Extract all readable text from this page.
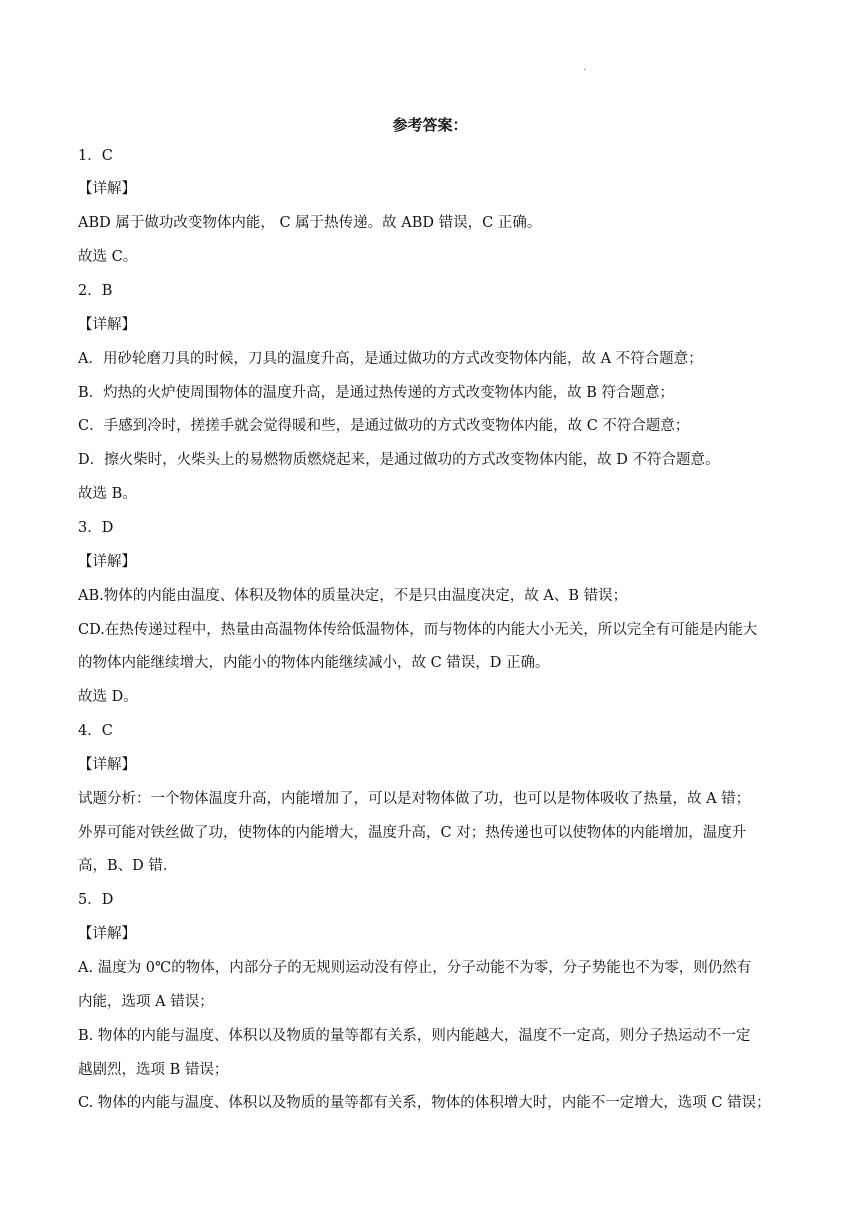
.
参考答案：
1．C
【详解】
ABD 属于做功改变物体内能， C 属于热传递。故 ABD 错误，C 正确。
故选 C。
2．B
【详解】
A．用砂轮磨刀具的时候，刀具的温度升高，是通过做功的方式改变物体内能，故 A 不符合题意；
B．灼热的火炉使周围物体的温度升高，是通过热传递的方式改变物体内能，故 B 符合题意；
C．手感到冷时，搓搓手就会觉得暖和些，是通过做功的方式改变物体内能，故 C 不符合题意；
D．擦火柴时，火柴头上的易燃物质燃烧起来，是通过做功的方式改变物体内能，故 D 不符合题意。
故选 B。
3．D
【详解】
AB.物体的内能由温度、体积及物体的质量决定，不是只由温度决定，故 A、B 错误；
CD.在热传递过程中，热量由高温物体传给低温物体，而与物体的内能大小无关，所以完全有可能是内能大
的物体内能继续增大，内能小的物体内能继续减小，故 C 错误，D 正确。
故选 D。
4．C
【详解】
试题分析：一个物体温度升高，内能增加了，可以是对物体做了功，也可以是物体吸收了热量，故 A 错；
外界可能对铁丝做了功，使物体的内能增大，温度升高，C 对；热传递也可以使物体的内能增加，温度升
高，B、D 错．
5．D
【详解】
A. 温度为 0℃的物体，内部分子的无规则运动没有停止，分子动能不为零，分子势能也不为零，则仍然有
内能，选项 A 错误；
B. 物体的内能与温度、体积以及物质的量等都有关系，则内能越大，温度不一定高，则分子热运动不一定
越剧烈，选项 B 错误；
C. 物体的内能与温度、体积以及物质的量等都有关系，物体的体积增大时，内能不一定增大，选项 C 错误；
